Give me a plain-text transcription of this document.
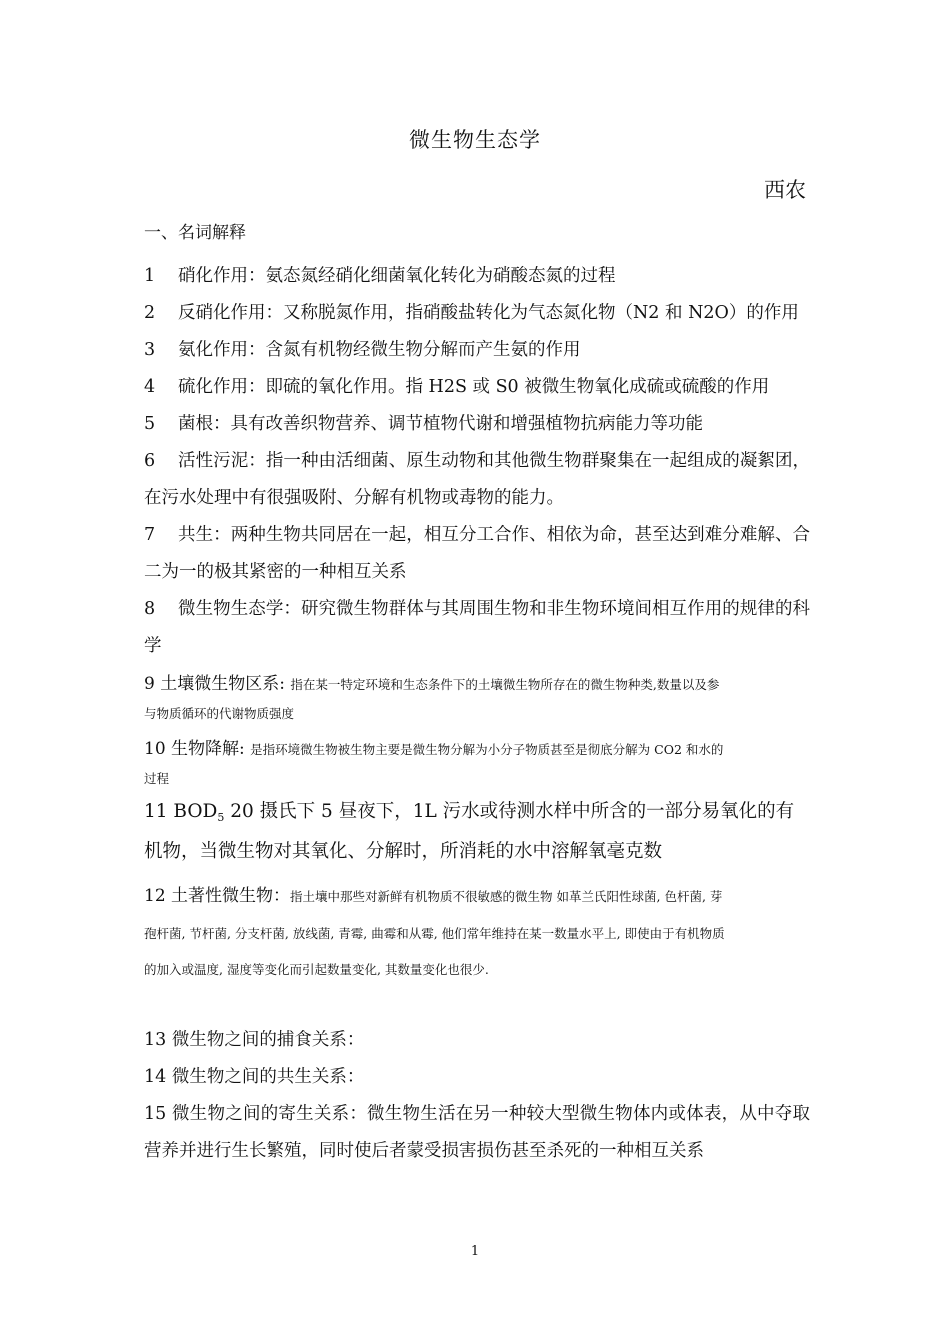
微生物生态学
西农

一、名词解释

1 硝化作用：氨态氮经硝化细菌氧化转化为硝酸态氮的过程

2 反硝化作用：又称脱氮作用，指硝酸盐转化为气态氮化物（N2 和 N2O）的作用

3 氨化作用：含氮有机物经微生物分解而产生氨的作用

4 硫化作用：即硫的氧化作用。指 H2S 或 S0 被微生物氧化成硫或硫酸的作用

5 菌根：具有改善织物营养、调节植物代谢和增强植物抗病能力等功能

6 活性污泥：指一种由活细菌、原生动物和其他微生物群聚集在一起组成的凝絮团，在污水处理中有很强吸附、分解有机物或毒物的能力。

7 共生：两种生物共同居在一起，相互分工合作、相依为命，甚至达到难分难解、合二为一的极其紧密的一种相互关系

8 微生物生态学：研究微生物群体与其周围生物和非生物环境间相互作用的规律的科学

9 土壤微生物区系: 指在某一特定环境和生态条件下的土壤微生物所存在的微生物种类,数量以及参
与物质循环的代谢物质强度

10 生物降解: 是指环境微生物被生物主要是微生物分解为小分子物质甚至是彻底分解为 CO2 和水的
过程

11 $BOD_5$ 20 摄氏下 5 昼夜下，1L 污水或待测水样中所含的一部分易氧化的有机物，当微生物对其氧化、分解时，所消耗的水中溶解氧毫克数

12 土著性微生物：指土壤中那些对新鲜有机物质不很敏感的微生物 如革兰氏阳性球菌, 色杆菌, 芽
孢杆菌, 节杆菌, 分支杆菌, 放线菌, 青霉, 曲霉和从霉, 他们常年维持在某一数量水平上, 即使由于有机物质
的加入或温度, 湿度等变化而引起数量变化, 其数量变化也很少.

13 微生物之间的捕食关系：

14 微生物之间的共生关系：

15 微生物之间的寄生关系：微生物生活在另一种较大型微生物体内或体表，从中夺取营养并进行生长繁殖，同时使后者蒙受损害损伤甚至杀死的一种相互关系

1
